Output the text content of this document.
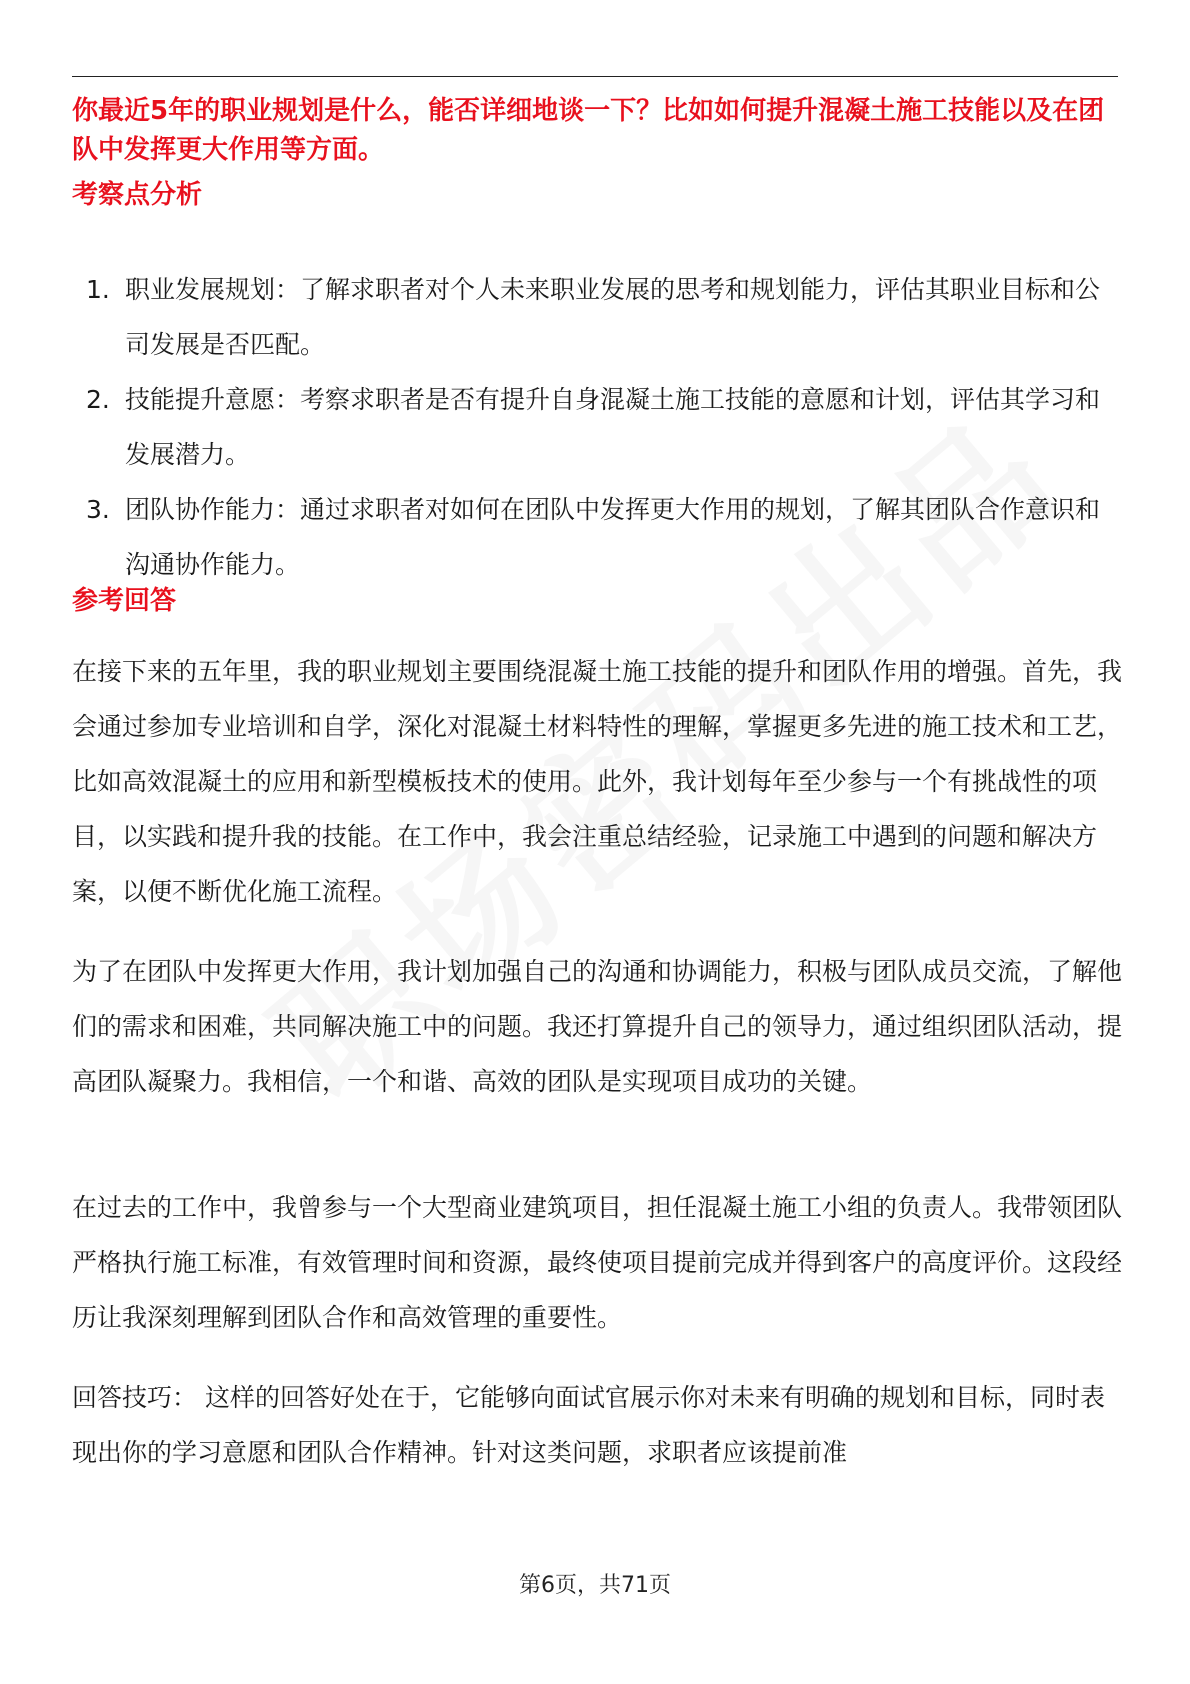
你最近5年的职业规划是什么，能否详细地谈一下？比如如何提升混凝土施工技能以及在团队中发挥更大作用等方面。
考察点分析
1. 职业发展规划：了解求职者对个人未来职业发展的思考和规划能力，评估其职业目标和公司发展是否匹配。
2. 技能提升意愿：考察求职者是否有提升自身混凝土施工技能的意愿和计划，评估其学习和发展潜力。
3. 团队协作能力：通过求职者对如何在团队中发挥更大作用的规划，了解其团队合作意识和沟通协作能力。
参考回答

在接下来的五年里，我的职业规划主要围绕混凝土施工技能的提升和团队作用的增强。首先，我会通过参加专业培训和自学，深化对混凝土材料特性的理解，掌握更多先进的施工技术和工艺，比如高效混凝土的应用和新型模板技术的使用。此外，我计划每年至少参与一个有挑战性的项目，以实践和提升我的技能。在工作中，我会注重总结经验，记录施工中遇到的问题和解决方案，以便不断优化施工流程。

为了在团队中发挥更大作用，我计划加强自己的沟通和协调能力，积极与团队成员交流，了解他们的需求和困难，共同解决施工中的问题。我还打算提升自己的领导力，通过组织团队活动，提高团队凝聚力。我相信，一个和谐、高效的团队是实现项目成功的关键。

在过去的工作中，我曾参与一个大型商业建筑项目，担任混凝土施工小组的负责人。我带领团队严格执行施工标准，有效管理时间和资源，最终使项目提前完成并得到客户的高度评价。这段经历让我深刻理解到团队合作和高效管理的重要性。

回答技巧： 这样的回答好处在于，它能够向面试官展示你对未来有明确的规划和目标，同时表现出你的学习意愿和团队合作精神。针对这类问题，求职者应该提前准

第6页，共71页
